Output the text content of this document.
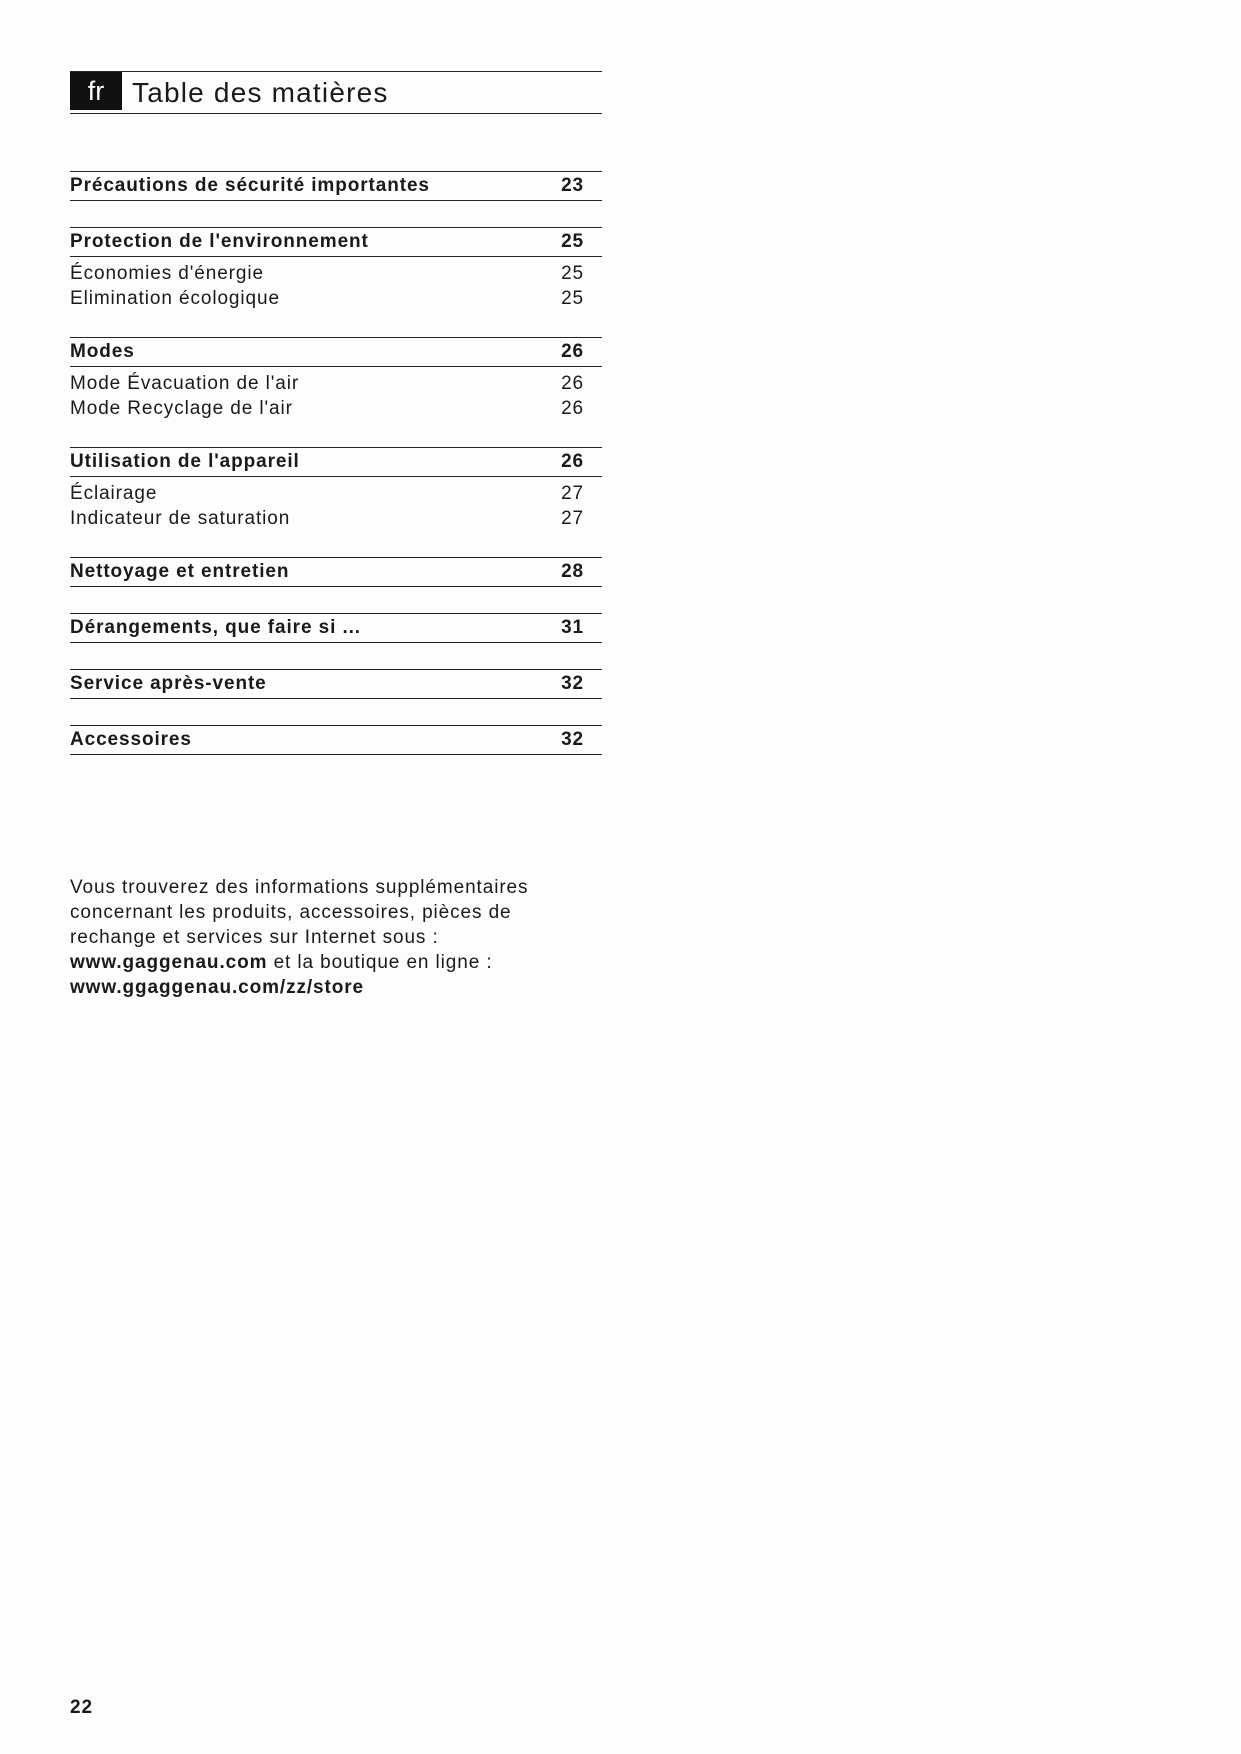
fr Table des matières
Précautions de sécurité importantes	23
Protection de l'environnement	25
Économies d'énergie	25
Elimination écologique	25
Modes	26
Mode Évacuation de l'air	26
Mode Recyclage de l'air	26
Utilisation de l'appareil	26
Éclairage	27
Indicateur de saturation	27
Nettoyage et entretien	28
Dérangements, que faire si ...	31
Service après-vente	32
Accessoires	32

Vous trouverez des informations supplémentaires

concernant les produits, accessoires, pièces de

rechange et services sur Internet sous :

www.gaggenau.com et la boutique en ligne :

www.ggaggenau.com/zz/store

22
